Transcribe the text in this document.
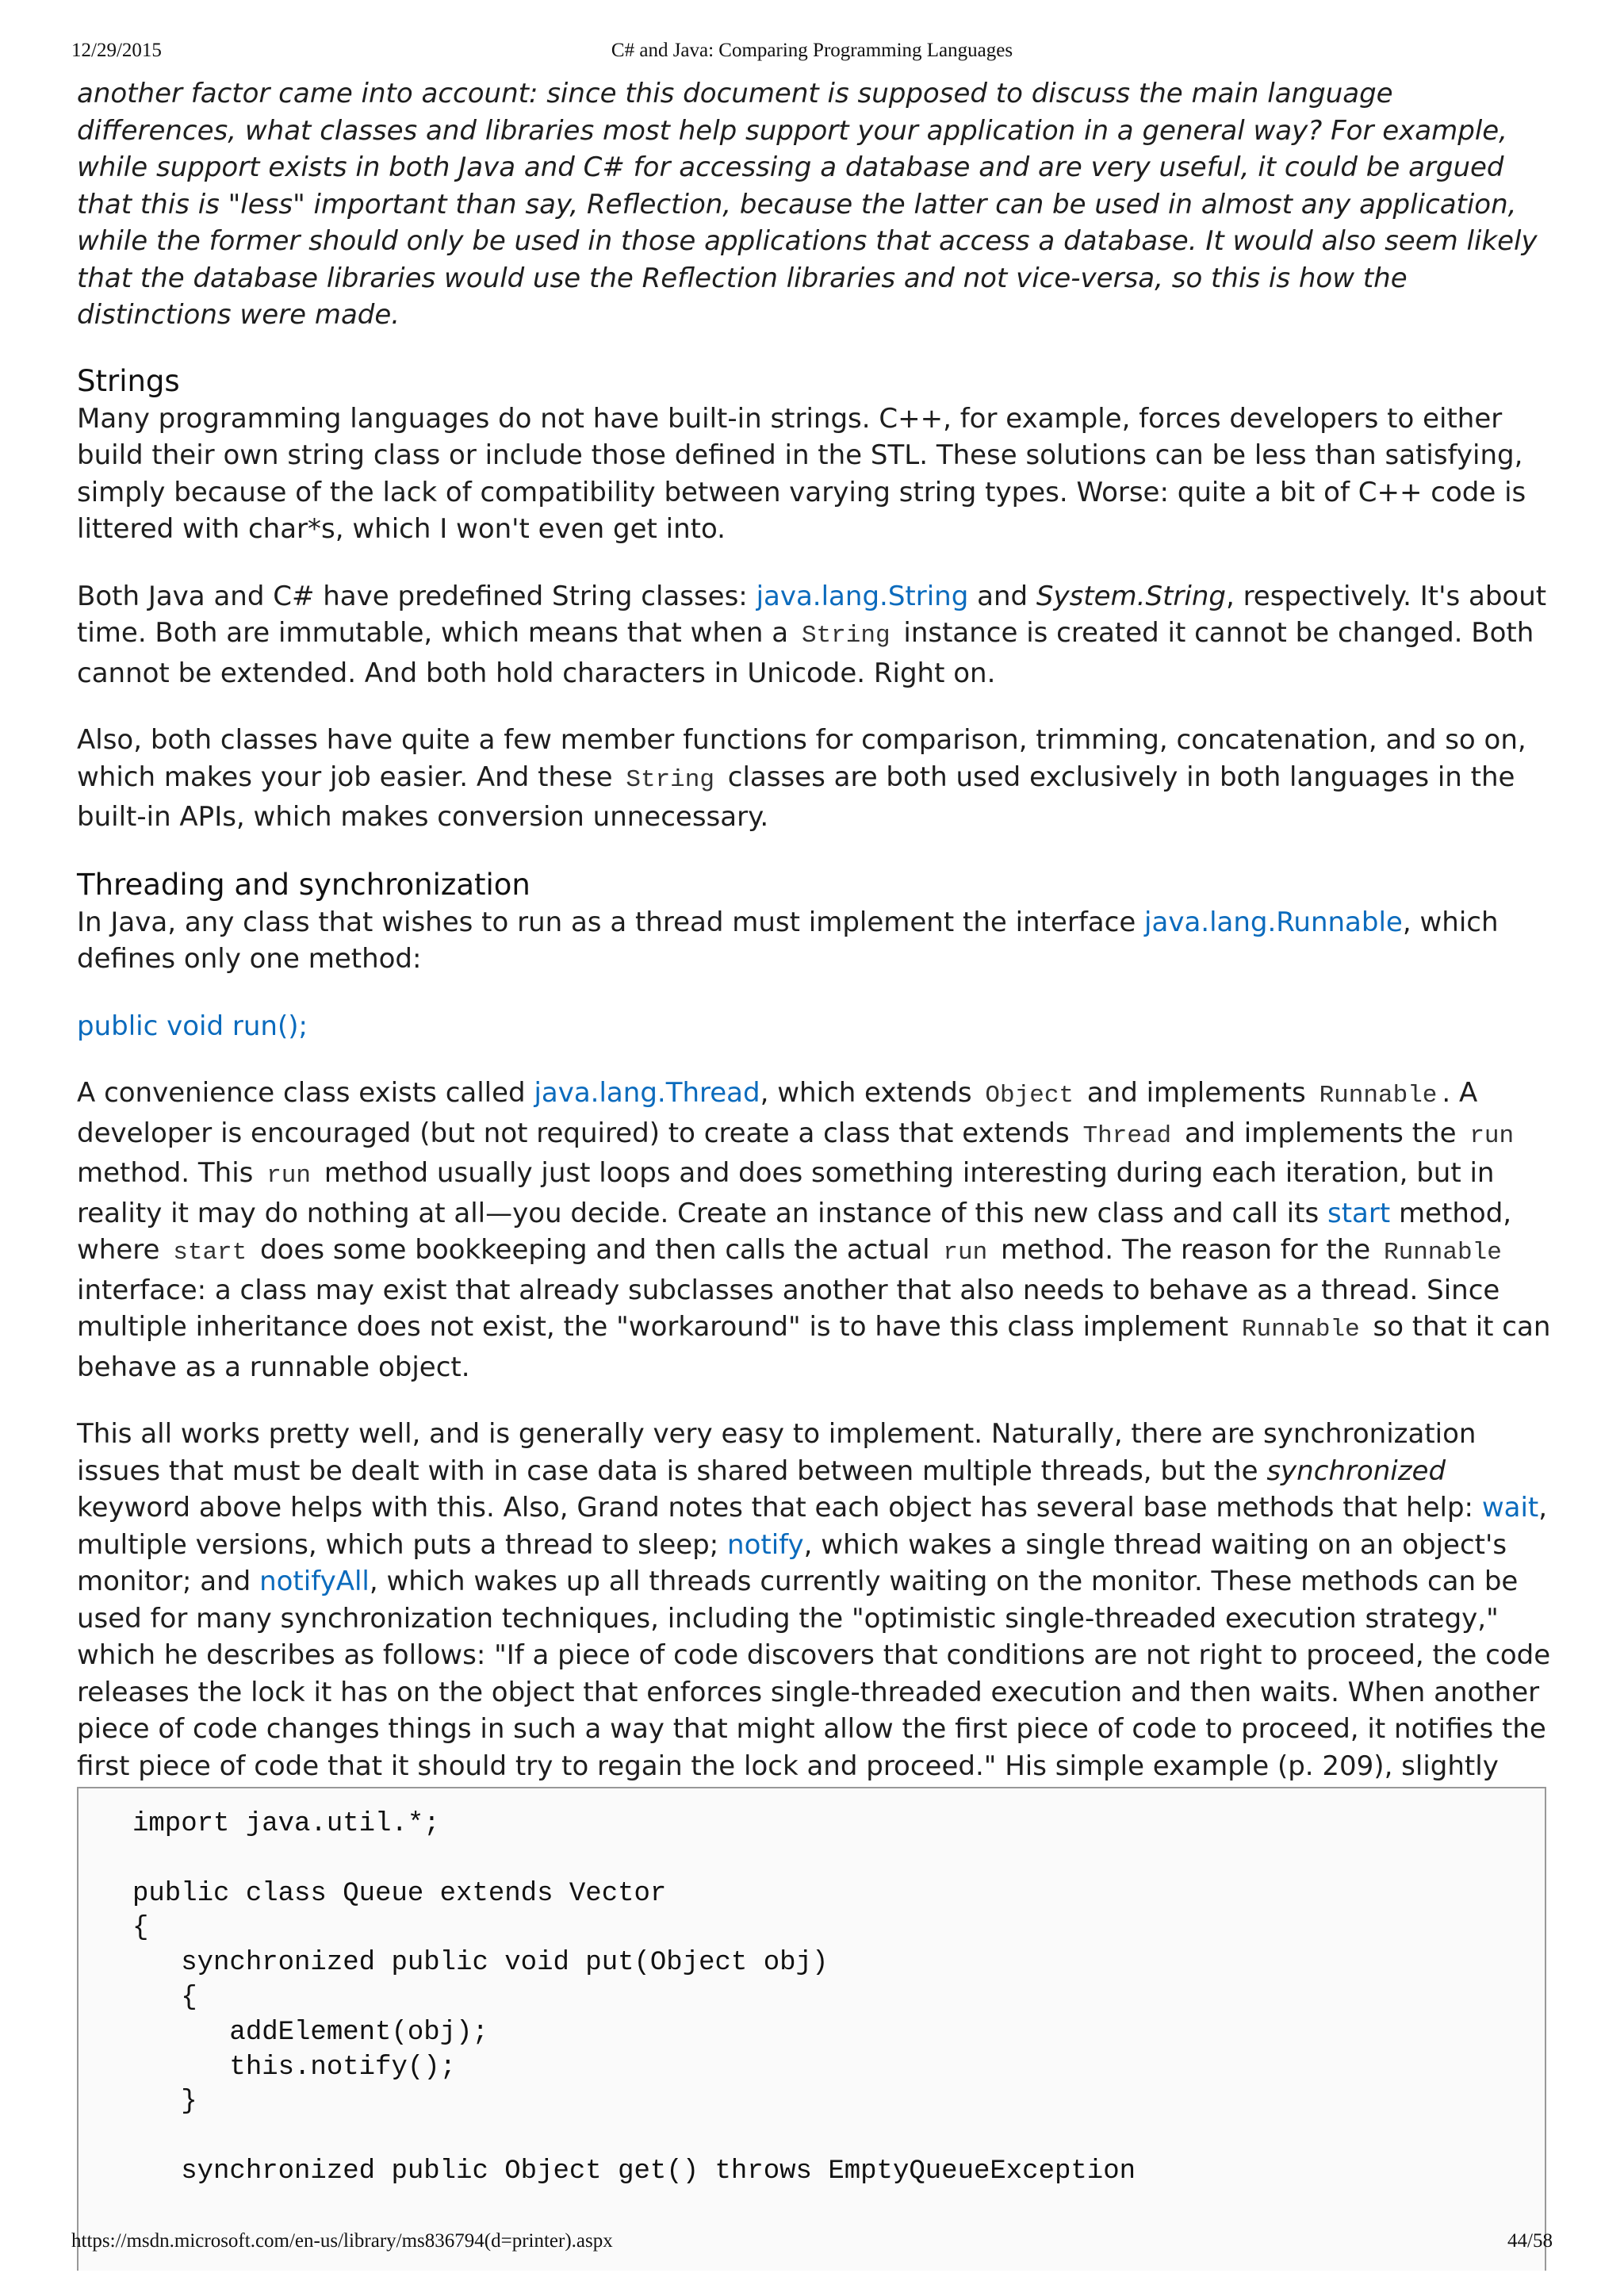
12/29/2015	C# and Java: Comparing Programming Languages

another factor came into account: since this document is supposed to discuss the main language differences, what classes and libraries most help support your application in a general way? For example, while support exists in both Java and C# for accessing a database and are very useful, it could be argued that this is "less" important than say, Reflection, because the latter can be used in almost any application, while the former should only be used in those applications that access a database. It would also seem likely that the database libraries would use the Reflection libraries and not vice-versa, so this is how the distinctions were made.

Strings

Many programming languages do not have built-in strings. C++, for example, forces developers to either build their own string class or include those defined in the STL. These solutions can be less than satisfying, simply because of the lack of compatibility between varying string types. Worse: quite a bit of C++ code is littered with char*s, which I won't even get into.

Both Java and C# have predefined String classes: java.lang.String and System.String, respectively. It's about time. Both are immutable, which means that when a String instance is created it cannot be changed. Both cannot be extended. And both hold characters in Unicode. Right on.

Also, both classes have quite a few member functions for comparison, trimming, concatenation, and so on, which makes your job easier. And these String classes are both used exclusively in both languages in the built-in APIs, which makes conversion unnecessary.

Threading and synchronization

In Java, any class that wishes to run as a thread must implement the interface java.lang.Runnable, which defines only one method:

public void run();

A convenience class exists called java.lang.Thread, which extends Object and implements Runnable . A developer is encouraged (but not required) to create a class that extends Thread and implements the run method. This run method usually just loops and does something interesting during each iteration, but in reality it may do nothing at all—you decide. Create an instance of this new class and call its start method, where start does some bookkeeping and then calls the actual run method. The reason for the Runnable interface: a class may exist that already subclasses another that also needs to behave as a thread. Since multiple inheritance does not exist, the "workaround" is to have this class implement Runnable so that it can behave as a runnable object.

This all works pretty well, and is generally very easy to implement. Naturally, there are synchronization issues that must be dealt with in case data is shared between multiple threads, but the synchronized keyword above helps with this. Also, Grand notes that each object has several base methods that help: wait, multiple versions, which puts a thread to sleep; notify, which wakes a single thread waiting on an object's monitor; and notifyAll, which wakes up all threads currently waiting on the monitor. These methods can be used for many synchronization techniques, including the "optimistic single-threaded execution strategy," which he describes as follows: "If a piece of code discovers that conditions are not right to proceed, the code releases the lock it has on the object that enforces single-threaded execution and then waits. When another piece of code changes things in such a way that might allow the first piece of code to proceed, it notifies the first piece of code that it should try to regain the lock and proceed." His simple example (p. 209), slightly

import java.util.*;

public class Queue extends Vector
{
synchronized public void put(Object obj)
{
addElement(obj);
this.notify();
}

synchronized public Object get() throws EmptyQueueException
https://msdn.microsoft.com/en-us/library/ms836794(d=printer).aspx	44/58
